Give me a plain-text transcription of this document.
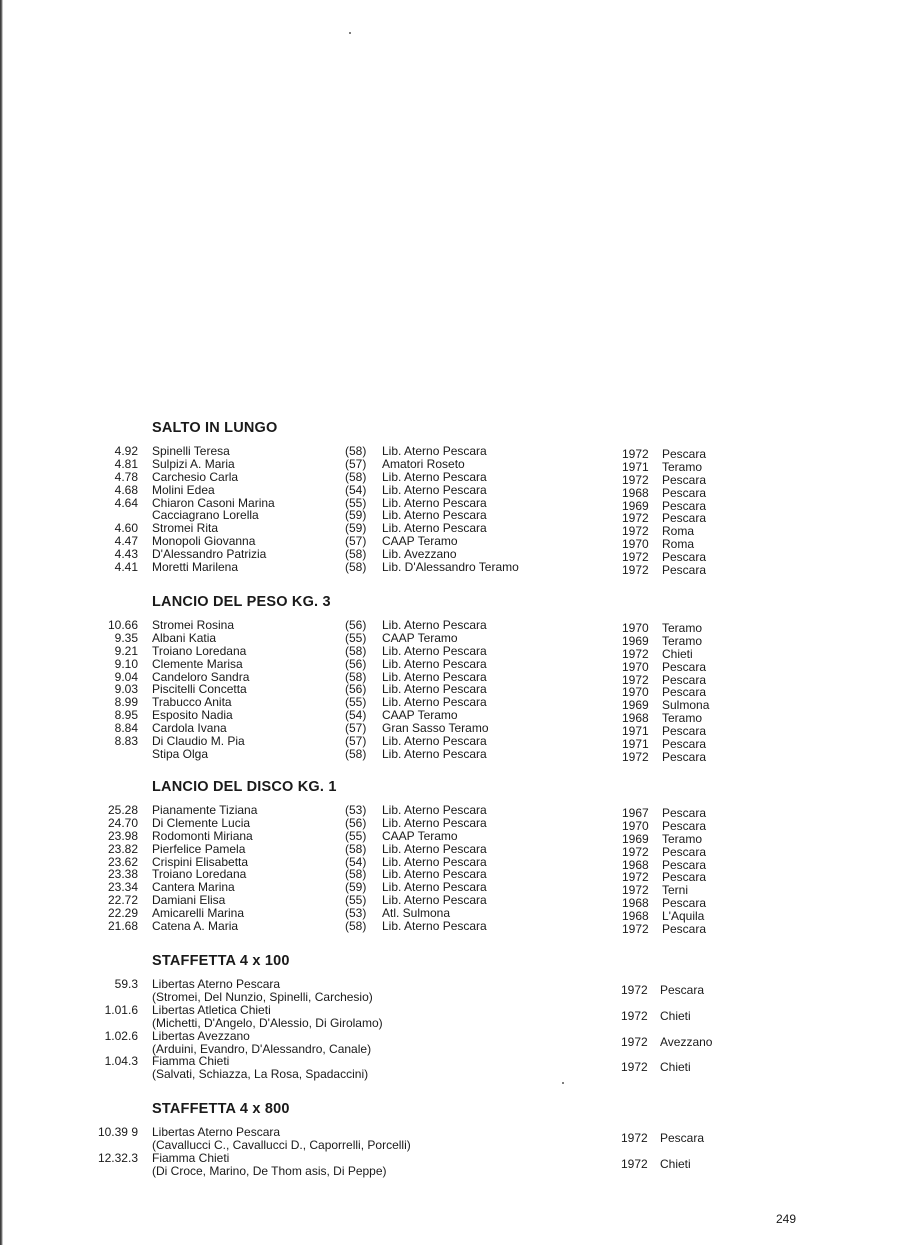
SALTO IN LUNGO
4.92 Spinelli Teresa	(58) Lib. Aterno Pescara	1972 Pescara
4.81 Sulpizi A. Maria	(57) Amatori Roseto	1971 Teramo
4.78 Carchesio Carla	(58) Lib. Aterno Pescara	1972 Pescara
4.68 Molini Edea	(54) Lib. Aterno Pescara	1968 Pescara
4.64 Chiaron Casoni Marina	(55) Lib. Aterno Pescara	1969 Pescara
Cacciagrano Lorella	(59) Lib. Aterno Pescara	1972 Pescara
4.60 Stromei Rita	(59) Lib. Aterno Pescara	1972 Roma
4.47 Monopoli Giovanna	(57) CAAP Teramo	1970 Roma
4.43 D'Alessandro Patrizia	(58) Lib. Avezzano	1972 Pescara
4.41 Moretti Marilena	(58) Lib. D'Alessandro Teramo	1972 Pescara
LANCIO DEL PESO KG. 3
10.66 Stromei Rosina	(56) Lib. Aterno Pescara	1970 Teramo
9.35 Albani Katia	(55) CAAP Teramo	1969 Teramo
9.21 Troiano Loredana	(58) Lib. Aterno Pescara	1972 Chieti
9.10 Clemente Marisa	(56) Lib. Aterno Pescara	1970 Pescara
9.04 Candeloro Sandra	(58) Lib. Aterno Pescara	1972 Pescara
9.03 Piscitelli Concetta	(56) Lib. Aterno Pescara	1970 Pescara
8.99 Trabucco Anita	(55) Lib. Aterno Pescara	1969 Sulmona
8.95 Esposito Nadia	(54) CAAP Teramo	1968 Teramo
8.84 Cardola Ivana	(57) Gran Sasso Teramo	1971 Pescara
8.83 Di Claudio M. Pia	(57) Lib. Aterno Pescara	1971 Pescara
Stipa Olga	(58) Lib. Aterno Pescara	1972 Pescara
LANCIO DEL DISCO KG. 1
25.28 Pianamente Tiziana	(53) Lib. Aterno Pescara	1967 Pescara
24.70 Di Clemente Lucia	(56) Lib. Aterno Pescara	1970 Pescara
23.98 Rodomonti Miriana	(55) CAAP Teramo	1969 Teramo
23.82 Pierfelice Pamela	(58) Lib. Aterno Pescara	1972 Pescara
23.62 Crispini Elisabetta	(54) Lib. Aterno Pescara	1968 Pescara
23.38 Troiano Loredana	(58) Lib. Aterno Pescara	1972 Pescara
23.34 Cantera Marina	(59) Lib. Aterno Pescara	1972 Terni
22.72 Damiani Elisa	(55) Lib. Aterno Pescara	1968 Pescara
22.29 Amicarelli Marina	(53) Atl. Sulmona	1968 L'Aquila
21.68 Catena A. Maria	(58) Lib. Aterno Pescara	1972 Pescara
STAFFETTA 4 x 100
59.3 Libertas Aterno Pescara
(Stromei, Del Nunzio, Spinelli, Carchesio)	1972 Pescara
1.01.6 Libertas Atletica Chieti
(Michetti, D'Angelo, D'Alessio, Di Girolamo)	1972 Chieti
1.02.6 Libertas Avezzano
(Arduini, Evandro, D'Alessandro, Canale)	1972 Avezzano
1.04.3 Fiamma Chieti
(Salvati, Schiazza, La Rosa, Spadaccini)	1972 Chieti
STAFFETTA 4 x 800
10.39 9 Libertas Aterno Pescara
(Cavallucci C., Cavallucci D., Caporrelli, Porcelli)	1972 Pescara
12.32.3 Fiamma Chieti
(Di Croce, Marino, De Thom asis, Di Peppe)	1972 Chieti
249
